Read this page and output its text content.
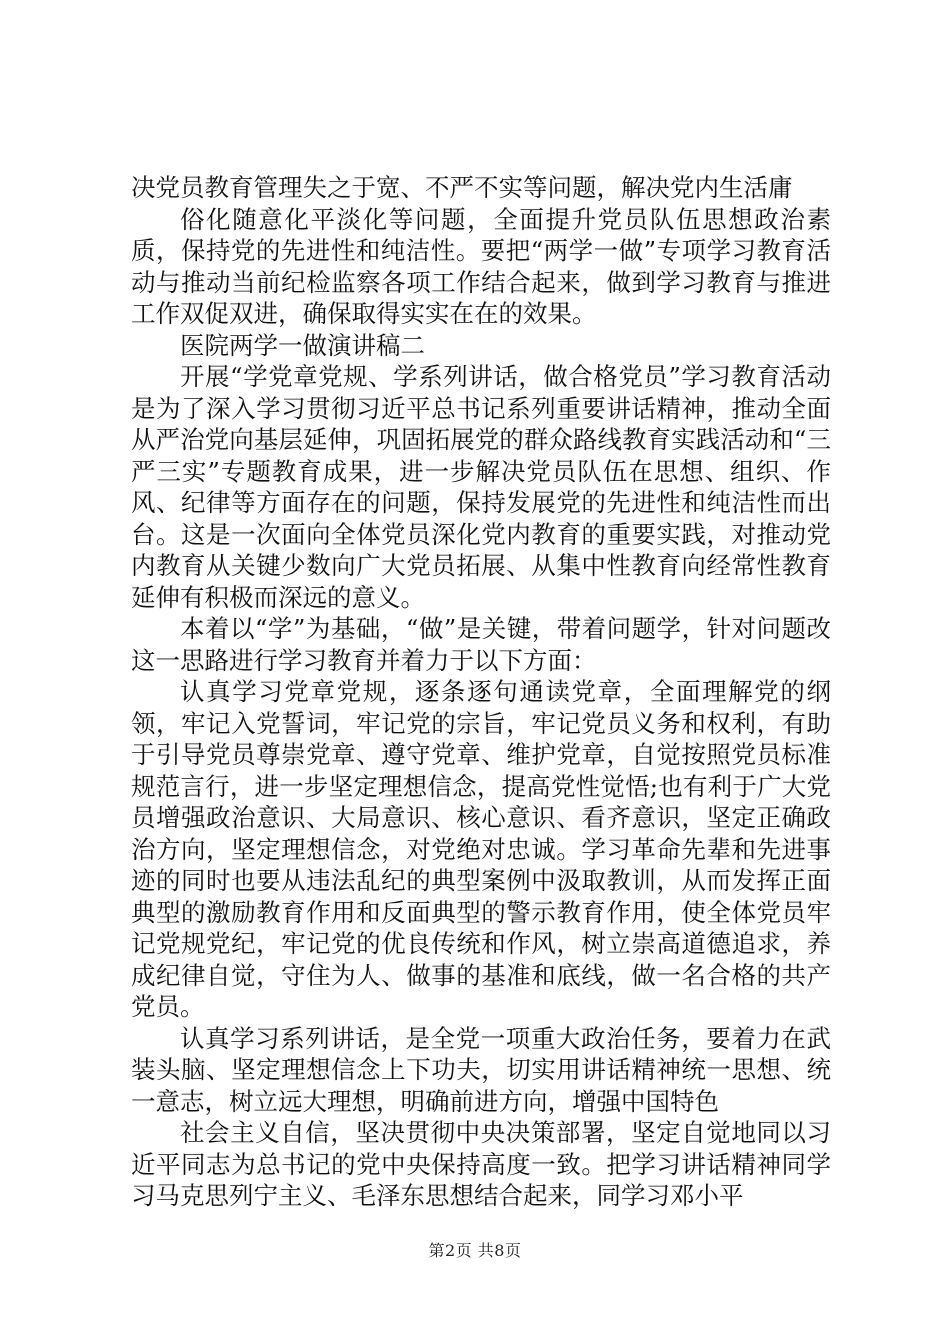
决党员教育管理失之于宽、不严不实等问题，解决党内生活庸

俗化随意化平淡化等问题，全面提升党员队伍思想政治素质，保持党的先进性和纯洁性。要把“两学一做”专项学习教育活动与推动当前纪检监察各项工作结合起来，做到学习教育与推进工作双促双进，确保取得实实在在的效果。

医院两学一做演讲稿二

开展“学党章党规、学系列讲话，做合格党员”学习教育活动是为了深入学习贯彻习近平总书记系列重要讲话精神，推动全面从严治党向基层延伸，巩固拓展党的群众路线教育实践活动和“三严三实”专题教育成果，进一步解决党员队伍在思想、组织、作风、纪律等方面存在的问题，保持发展党的先进性和纯洁性而出台。这是一次面向全体党员深化党内教育的重要实践，对推动党内教育从关键少数向广大党员拓展、从集中性教育向经常性教育延伸有积极而深远的意义。

本着以“学”为基础，“做”是关键，带着问题学，针对问题改这一思路进行学习教育并着力于以下方面：

认真学习党章党规，逐条逐句通读党章，全面理解党的纲领，牢记入党誓词，牢记党的宗旨，牢记党员义务和权利，有助于引导党员尊崇党章、遵守党章、维护党章，自觉按照党员标准规范言行，进一步坚定理想信念，提高党性觉悟;也有利于广大党员增强政治意识、大局意识、核心意识、看齐意识，坚定正确政治方向，坚定理想信念，对党绝对忠诚。学习革命先辈和先进事迹的同时也要从违法乱纪的典型案例中汲取教训，从而发挥正面典型的激励教育作用和反面典型的警示教育作用，使全体党员牢记党规党纪，牢记党的优良传统和作风，树立崇高道德追求，养成纪律自觉，守住为人、做事的基准和底线，做一名合格的共产党员。

认真学习系列讲话，是全党一项重大政治任务，要着力在武装头脑、坚定理想信念上下功夫，切实用讲话精神统一思想、统一意志，树立远大理想，明确前进方向，增强中国特色

社会主义自信，坚决贯彻中央决策部署，坚定自觉地同以习近平同志为总书记的党中央保持高度一致。把学习讲话精神同学习马克思列宁主义、毛泽东思想结合起来，同学习邓小平

第2页 共8页
